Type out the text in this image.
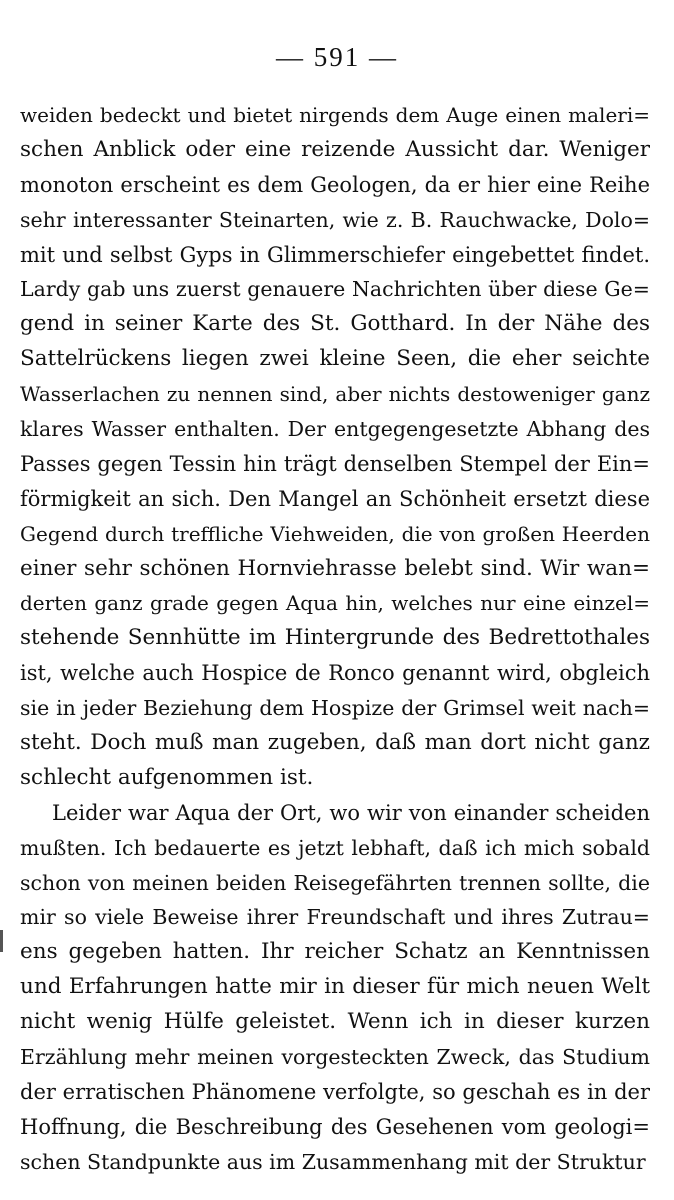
— 591 —
weiden bedeckt und bietet nirgends dem Auge einen maleri=
schen Anblick oder eine reizende Aussicht dar. Weniger
monoton erscheint es dem Geologen, da er hier eine Reihe
sehr interessanter Steinarten, wie z. B. Rauchwacke, Dolo=
mit und selbst Gyps in Glimmerschiefer eingebettet findet.
Lardy gab uns zuerst genauere Nachrichten über diese Ge=
gend in seiner Karte des St. Gotthard. In der Nähe des
Sattelrückens liegen zwei kleine Seen, die eher seichte
Wasserlachen zu nennen sind, aber nichts destoweniger ganz
klares Wasser enthalten. Der entgegengesetzte Abhang des
Passes gegen Tessin hin trägt denselben Stempel der Ein=
förmigkeit an sich. Den Mangel an Schönheit ersetzt diese
Gegend durch treffliche Viehweiden, die von großen Heerden
einer sehr schönen Hornviehrasse belebt sind. Wir wan=
derten ganz grade gegen Aqua hin, welches nur eine einzel=
stehende Sennhütte im Hintergrunde des Bedrettothales
ist, welche auch Hospice de Ronco genannt wird, obgleich
sie in jeder Beziehung dem Hospize der Grimsel weit nach=
steht. Doch muß man zugeben, daß man dort nicht ganz
schlecht aufgenommen ist.
Leider war Aqua der Ort, wo wir von einander scheiden
mußten. Ich bedauerte es jetzt lebhaft, daß ich mich sobald
schon von meinen beiden Reisegefährten trennen sollte, die
mir so viele Beweise ihrer Freundschaft und ihres Zutrau=
ens gegeben hatten. Ihr reicher Schatz an Kenntnissen
und Erfahrungen hatte mir in dieser für mich neuen Welt
nicht wenig Hülfe geleistet. Wenn ich in dieser kurzen
Erzählung mehr meinen vorgesteckten Zweck, das Studium
der erratischen Phänomene verfolgte, so geschah es in der
Hoffnung, die Beschreibung des Gesehenen vom geologi=
schen Standpunkte aus im Zusammenhang mit der Struktur
